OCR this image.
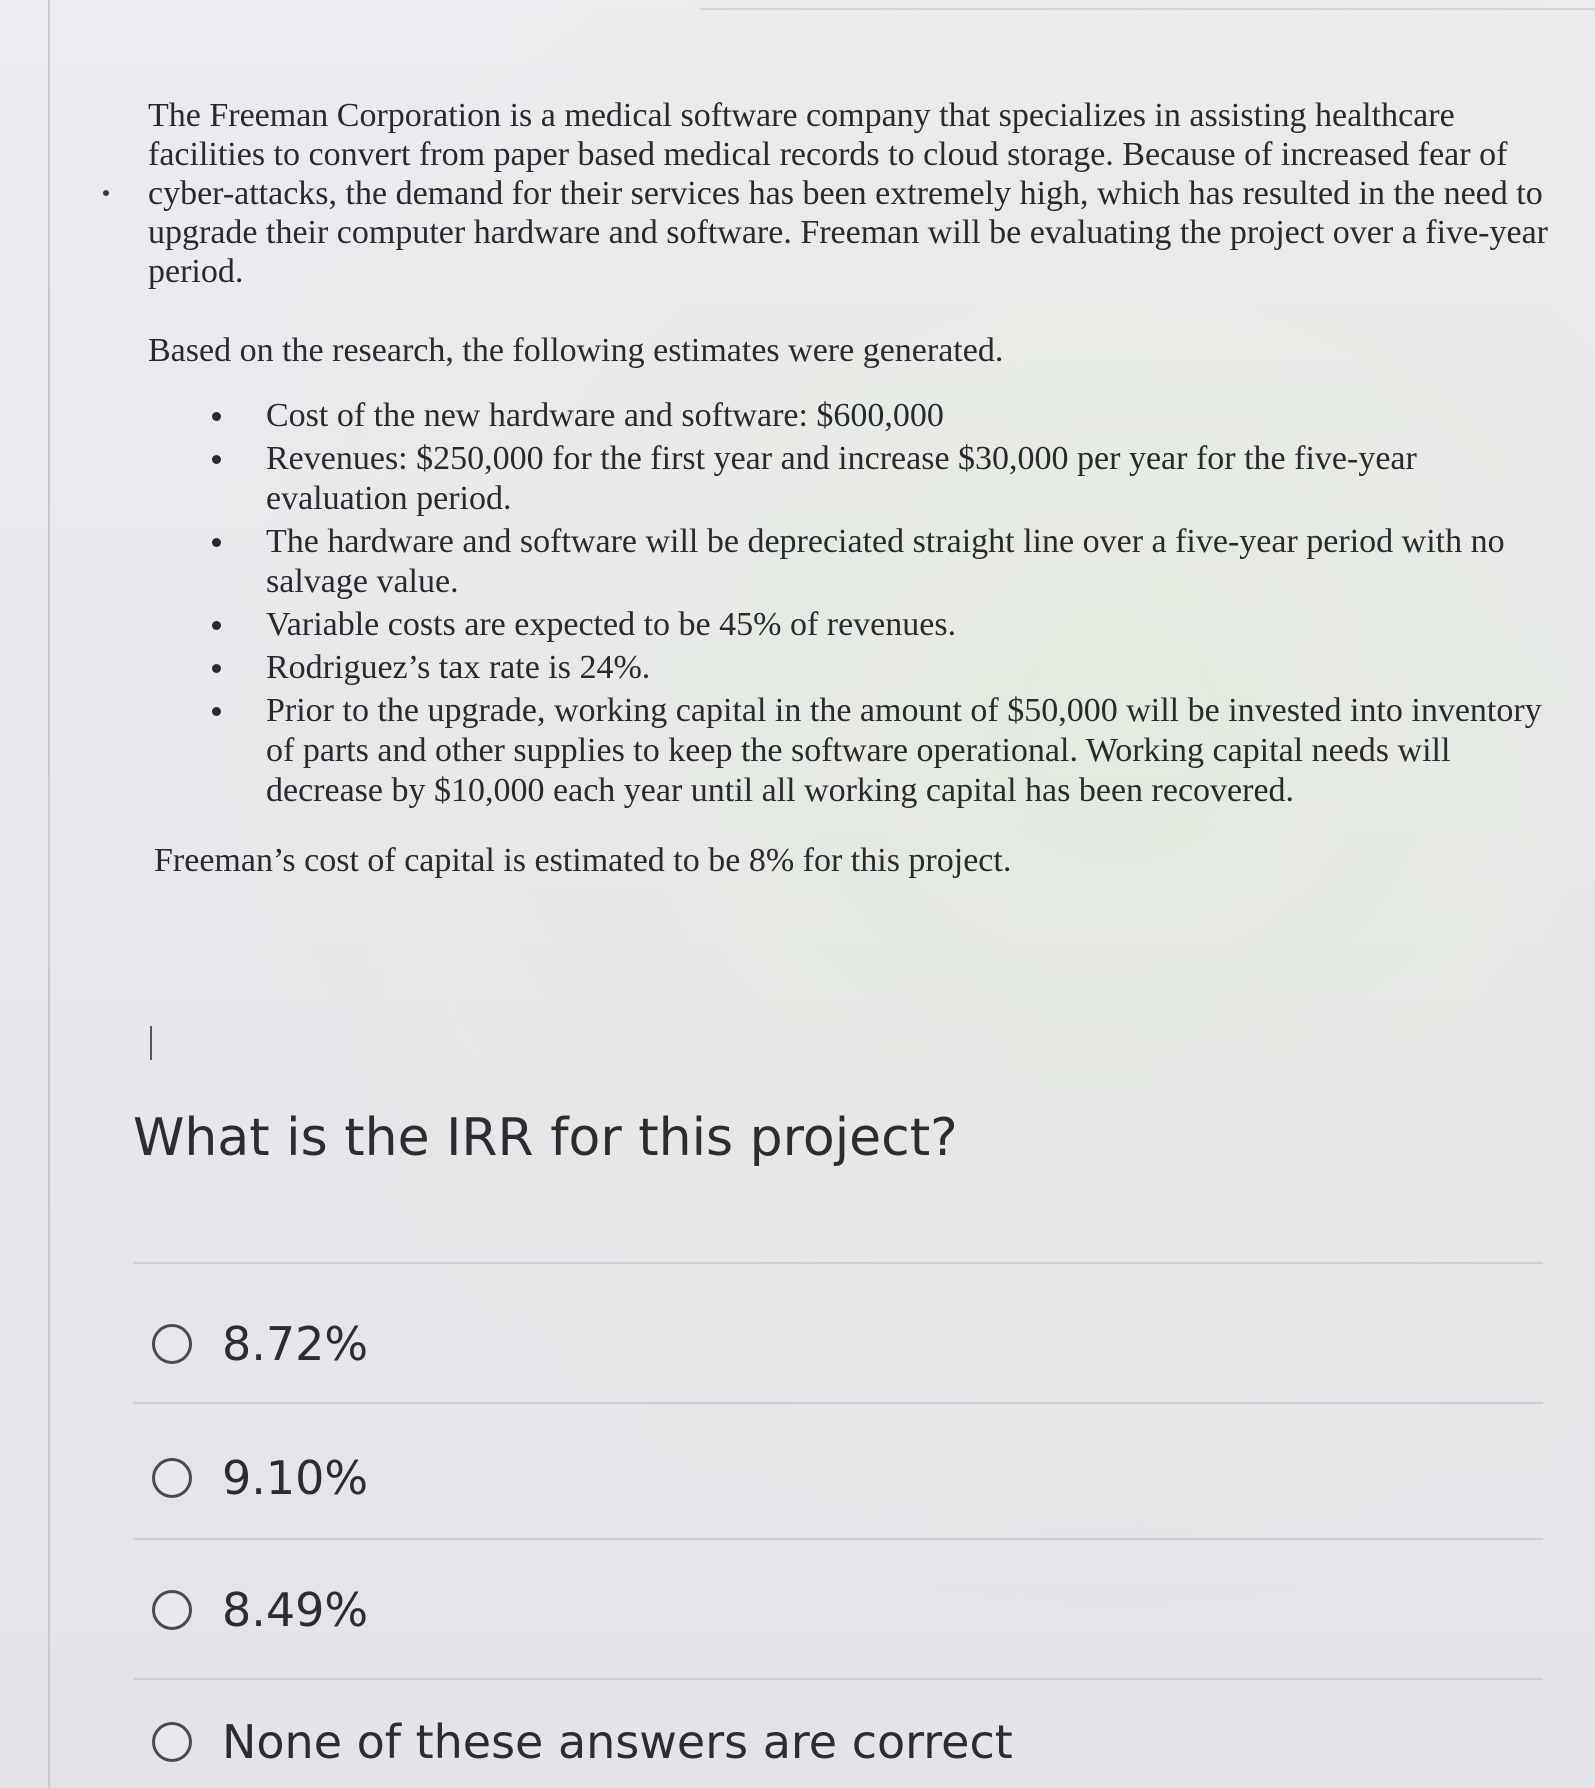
The Freeman Corporation is a medical software company that specializes in assisting healthcare facilities to convert from paper based medical records to cloud storage. Because of increased fear of cyber-attacks, the demand for their services has been extremely high, which has resulted in the need to upgrade their computer hardware and software. Freeman will be evaluating the project over a five-year period.

Based on the research, the following estimates were generated.

Cost of the new hardware and software: $600,000
Revenues: $250,000 for the first year and increase $30,000 per year for the five-year evaluation period.
The hardware and software will be depreciated straight line over a five-year period with no salvage value.
Variable costs are expected to be 45% of revenues.
Rodriguez’s tax rate is 24%.
Prior to the upgrade, working capital in the amount of $50,000 will be invested into inventory of parts and other supplies to keep the software operational. Working capital needs will decrease by $10,000 each year until all working capital has been recovered.

Freeman’s cost of capital is estimated to be 8% for this project.

What is the IRR for this project?
8.72%
9.10%
8.49%
None of these answers are correct
